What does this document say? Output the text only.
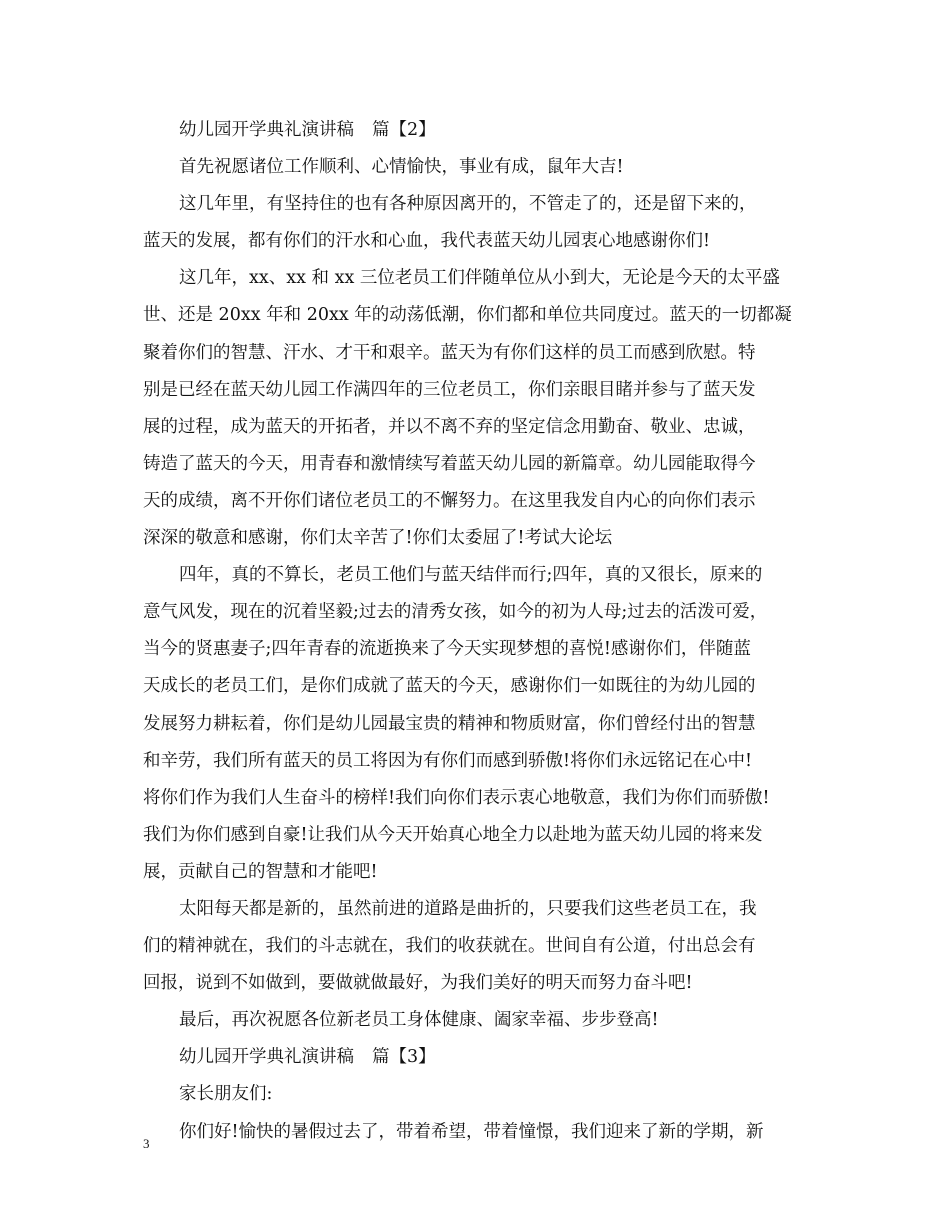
幼儿园开学典礼演讲稿 篇【2】
首先祝愿诸位工作顺利、心情愉快，事业有成，鼠年大吉!
这几年里，有坚持住的也有各种原因离开的，不管走了的，还是留下来的，
蓝天的发展，都有你们的汗水和心血，我代表蓝天幼儿园衷心地感谢你们!
这几年，xx、xx 和 xx 三位老员工们伴随单位从小到大，无论是今天的太平盛
世、还是 20xx 年和 20xx 年的动荡低潮，你们都和单位共同度过。蓝天的一切都凝
聚着你们的智慧、汗水、才干和艰辛。蓝天为有你们这样的员工而感到欣慰。特
别是已经在蓝天幼儿园工作满四年的三位老员工，你们亲眼目睹并参与了蓝天发
展的过程，成为蓝天的开拓者，并以不离不弃的坚定信念用勤奋、敬业、忠诚，
铸造了蓝天的今天，用青春和激情续写着蓝天幼儿园的新篇章。幼儿园能取得今
天的成绩，离不开你们诸位老员工的不懈努力。在这里我发自内心的向你们表示
深深的敬意和感谢，你们太辛苦了!你们太委屈了!考试大论坛
四年，真的不算长，老员工他们与蓝天结伴而行;四年，真的又很长，原来的
意气风发，现在的沉着坚毅;过去的清秀女孩，如今的初为人母;过去的活泼可爱，
当今的贤惠妻子;四年青春的流逝换来了今天实现梦想的喜悦!感谢你们，伴随蓝
天成长的老员工们，是你们成就了蓝天的今天，感谢你们一如既往的为幼儿园的
发展努力耕耘着，你们是幼儿园最宝贵的精神和物质财富，你们曾经付出的智慧
和辛劳，我们所有蓝天的员工将因为有你们而感到骄傲!将你们永远铭记在心中!
将你们作为我们人生奋斗的榜样!我们向你们表示衷心地敬意，我们为你们而骄傲!
我们为你们感到自豪!让我们从今天开始真心地全力以赴地为蓝天幼儿园的将来发
展，贡献自己的智慧和才能吧!
太阳每天都是新的，虽然前进的道路是曲折的，只要我们这些老员工在，我
们的精神就在，我们的斗志就在，我们的收获就在。世间自有公道，付出总会有
回报，说到不如做到，要做就做最好，为我们美好的明天而努力奋斗吧!
最后，再次祝愿各位新老员工身体健康、阖家幸福、步步登高!
幼儿园开学典礼演讲稿 篇【3】
家长朋友们:
你们好!愉快的暑假过去了，带着希望，带着憧憬，我们迎来了新的学期，新
3
